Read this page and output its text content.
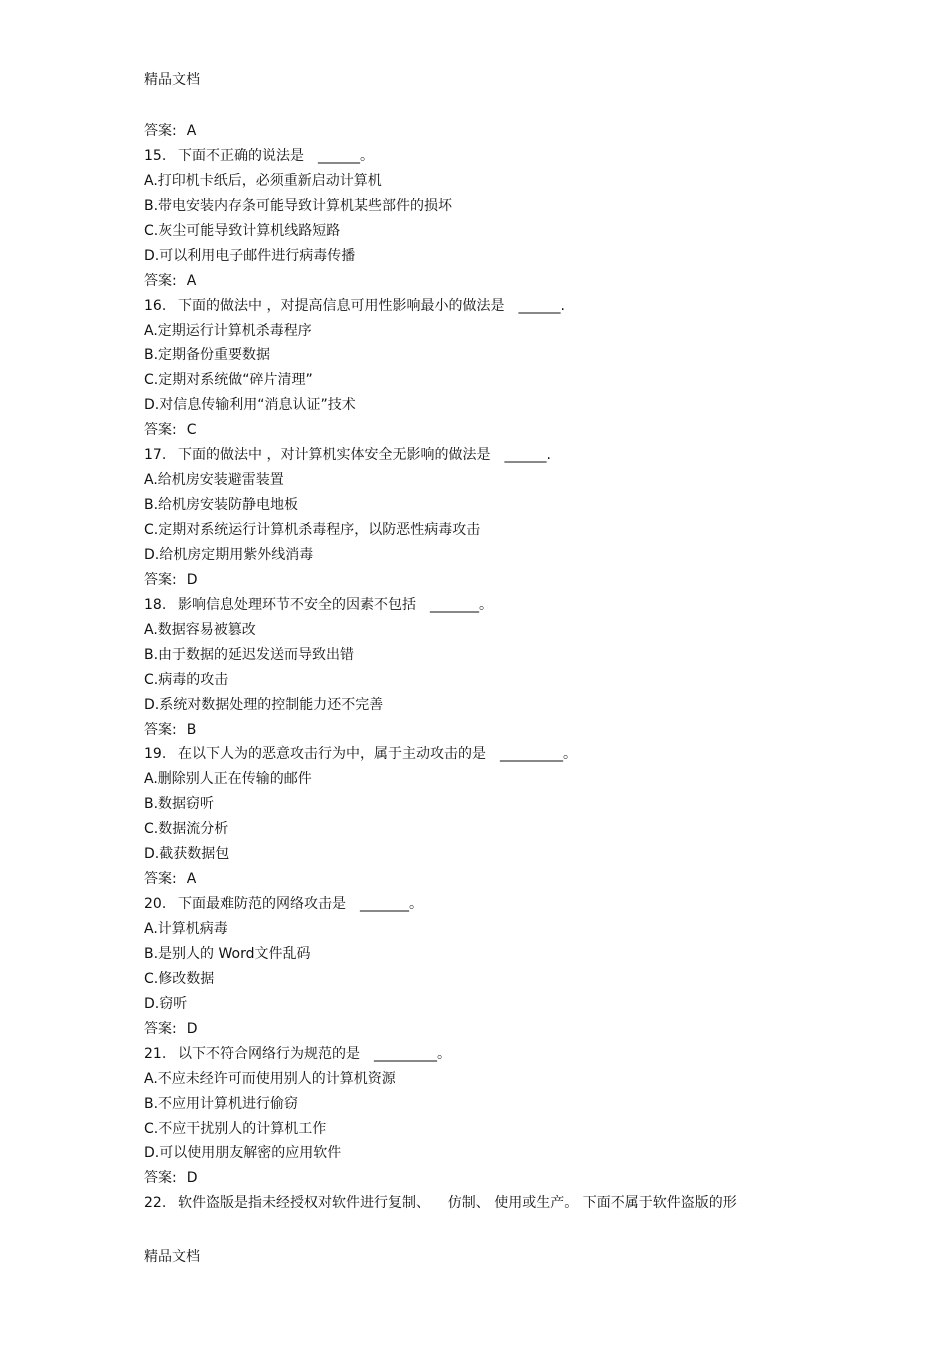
精品文档
答案: A
15. 下面不正确的说法是 ______。
A.打印机卡纸后，必须重新启动计算机
B.带电安装内存条可能导致计算机某些部件的损坏
C.灰尘可能导致计算机线路短路
D.可以利用电子邮件进行病毒传播
答案: A
16. 下面的做法中 ，对提高信息可用性影响最小的做法是 ______.
A.定期运行计算机杀毒程序
B.定期备份重要数据
C.定期对系统做“碎片清理”
D.对信息传输利用“消息认证”技术
答案: C
17. 下面的做法中 ，对计算机实体安全无影响的做法是 ______.
A.给机房安装避雷装置
B.给机房安装防静电地板
C.定期对系统运行计算机杀毒程序，以防恶性病毒攻击
D.给机房定期用紫外线消毒
答案: D
18. 影响信息处理环节不安全的因素不包括 _______。
A.数据容易被篡改
B.由于数据的延迟发送而导致出错
C.病毒的攻击
D.系统对数据处理的控制能力还不完善
答案: B
19. 在以下人为的恶意攻击行为中，属于主动攻击的是 _________。
A.删除别人正在传输的邮件
B.数据窃听
C.数据流分析
D.截获数据包
答案: A
20. 下面最难防范的网络攻击是 _______。
A.计算机病毒
B.是别人的 Word文件乱码
C.修改数据
D.窃听
答案: D
21. 以下不符合网络行为规范的是 _________。
A.不应未经许可而使用别人的计算机资源
B.不应用计算机进行偷窃
C.不应干扰别人的计算机工作
D.可以使用朋友解密的应用软件
答案: D
22. 软件盗版是指未经授权对软件进行复制、    仿制、 使用或生产。 下面不属于软件盗版的形
精品文档
